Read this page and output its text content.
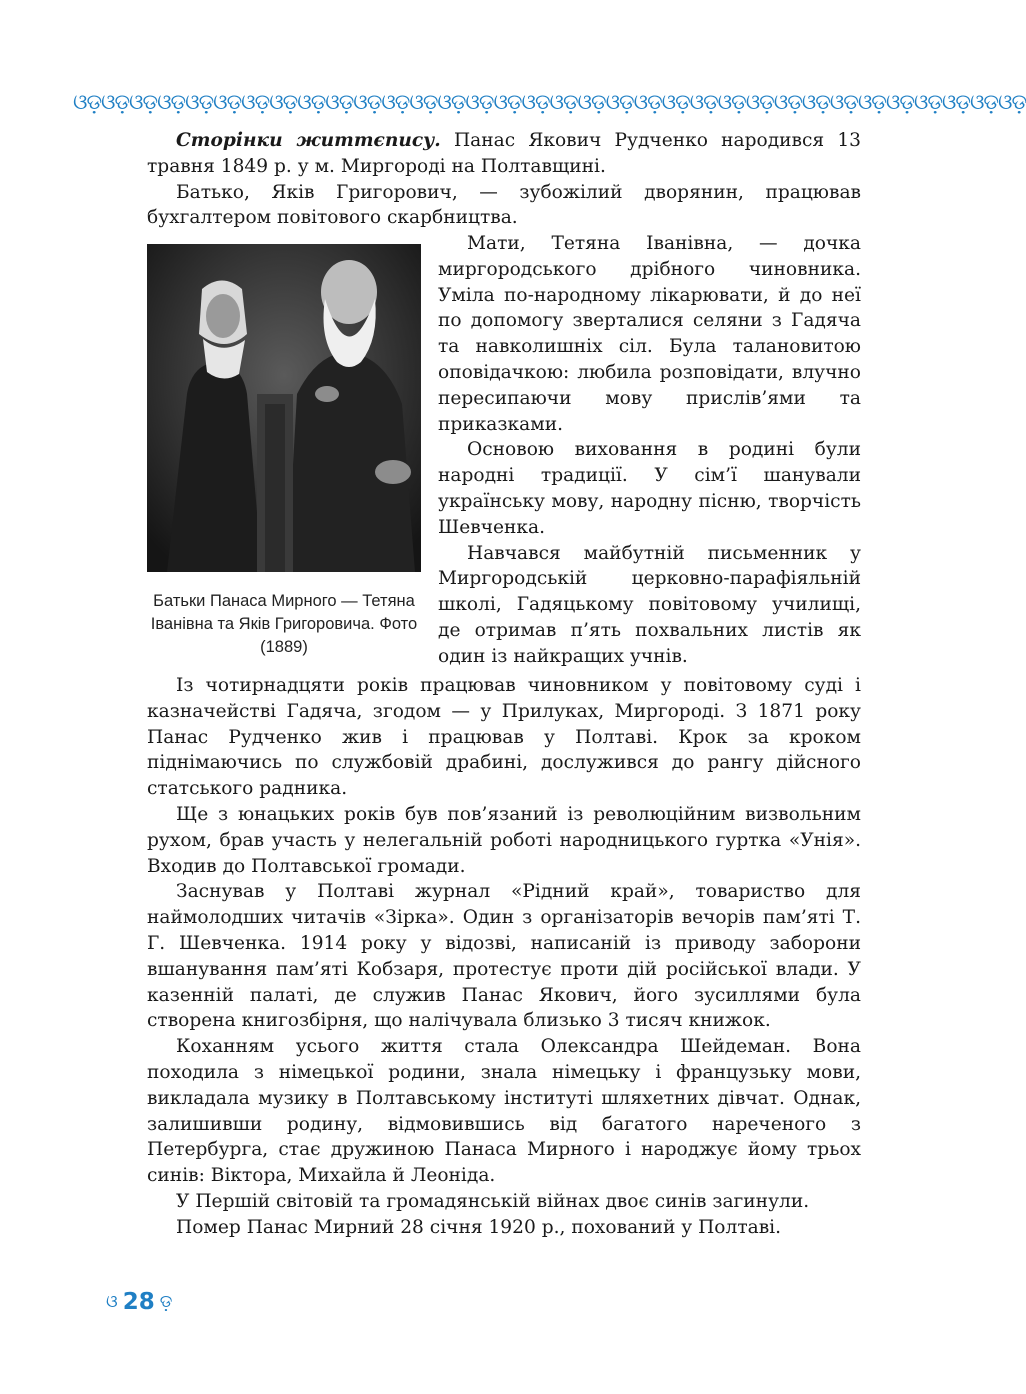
ଓଡ଼ଓଡ଼ଓଡ଼ଓଡ଼ଓଡ଼ଓଡ଼ଓଡ଼ଓଡ଼ଓଡ଼ଓଡ଼ଓଡ଼ଓଡ଼ଓଡ଼ଓଡ଼ଓଡ଼ଓଡ଼ଓଡ଼ଓଡ଼ଓଡ଼ଓଡ଼ଓଡ଼ଓଡ଼ଓଡ଼ଓଡ଼ଓଡ଼ଓଡ଼ଓଡ଼ଓଡ଼ଓଡ଼ଓଡ଼ଓଡ଼ଓଡ଼ଓଡ଼ଓଡ଼

Сторінки життєпису. Панас Якович Рудченко народився 13 травня 1849 р. у м. Миргороді на Полтавщині.

Батько, Яків Григорович, — зубожілий дворянин, працював бухгалтером повітового скарбництва.

Батьки Панаса Мирного — Тетяна Іванівна та Яків Григоровича. Фото (1889)

Мати, Тетяна Іванівна, — дочка миргородського дрібного чиновника. Уміла по-народному лікарювати, й до неї по допомогу зверталися селяни з Гадяча та навколишніх сіл. Була талановитою оповідачкою: любила розповідати, влучно пересипаючи мову прислів’ями та приказками.

Основою виховання в родині були народні традиції. У сім’ї шанували українську мову, народну пісню, творчість Шевченка.

Навчався майбутній письменник у Миргородській церковно-парафіяльній школі, Гадяцькому повітовому училищі, де отримав п’ять похвальних листів як один із найкращих учнів.

Із чотирнадцяти років працював чиновником у повітовому суді і казначействі Гадяча, згодом — у Прилуках, Миргороді. З 1871 року Панас Рудченко жив і працював у Полтаві. Крок за кроком піднімаючись по службовій драбині, дослужився до рангу дійсного статського радника.

Ще з юнацьких років був пов’язаний із революційним визвольним рухом, брав участь у нелегальній роботі народницького гуртка «Унія». Входив до Полтавської громади.

Заснував у Полтаві журнал «Рідний край», товариство для наймолодших читачів «Зірка». Один з організаторів вечорів пам’яті Т. Г. Шевченка. 1914 року у відозві, написаній із приводу заборони вшанування пам’яті Кобзаря, протестує проти дій російської влади. У казенній палаті, де служив Панас Якович, його зусиллями була створена книгозбірня, що налічувала близько 3 тисяч книжок.

Коханням усього життя стала Олександра Шейдеман. Вона походила з німецької родини, знала німецьку і французьку мови, викладала музику в Полтавському інституті шляхетних дівчат. Однак, залишивши родину, відмовившись від багатого нареченого з Петербурга, стає дружиною Панаса Мирного і народжує йому трьох синів: Віктора, Михайла й Леоніда.

У Першій світовій та громадянській війнах двоє синів загинули.

Помер Панас Мирний 28 січня 1920 р., похований у Полтаві.

ଓ 28 ଡ଼
